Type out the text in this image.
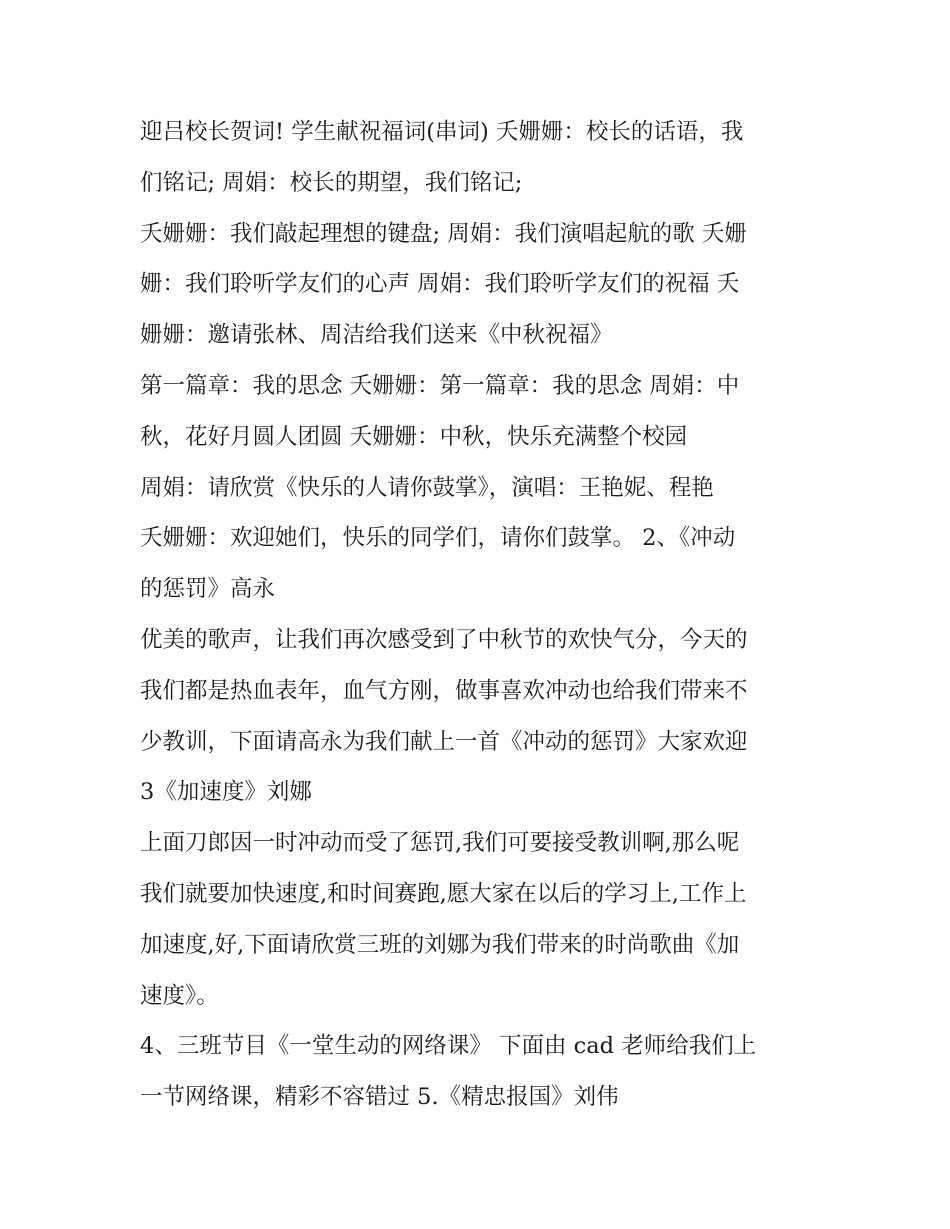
迎吕校长贺词! 学生献祝福词(串词) 夭姗姗：校长的话语，我
们铭记; 周娟：校长的期望，我们铭记;
夭姗姗：我们敲起理想的键盘; 周娟：我们演唱起航的歌 夭姗
姗：我们聆听学友们的心声 周娟：我们聆听学友们的祝福 夭
姗姗：邀请张林、周洁给我们送来《中秋祝福》
第一篇章：我的思念 夭姗姗：第一篇章：我的思念 周娟：中
秋，花好月圆人团圆 夭姗姗：中秋，快乐充满整个校园
周娟：请欣赏《快乐的人请你鼓掌》，演唱：王艳妮、程艳
夭姗姗：欢迎她们，快乐的同学们，请你们鼓掌。 2、《冲动
的惩罚》高永
优美的歌声，让我们再次感受到了中秋节的欢快气分，今天的
我们都是热血表年，血气方刚，做事喜欢冲动也给我们带来不
少教训，下面请高永为我们献上一首《冲动的惩罚》大家欢迎
3《加速度》刘娜
上面刀郎因一时冲动而受了惩罚,我们可要接受教训啊,那么呢
我们就要加快速度,和时间赛跑,愿大家在以后的学习上,工作上
加速度,好,下面请欣赏三班的刘娜为我们带来的时尚歌曲《加
速度》。
4、三班节目《一堂生动的网络课》 下面由 cad 老师给我们上
一节网络课，精彩不容错过 5.《精忠报国》刘伟
